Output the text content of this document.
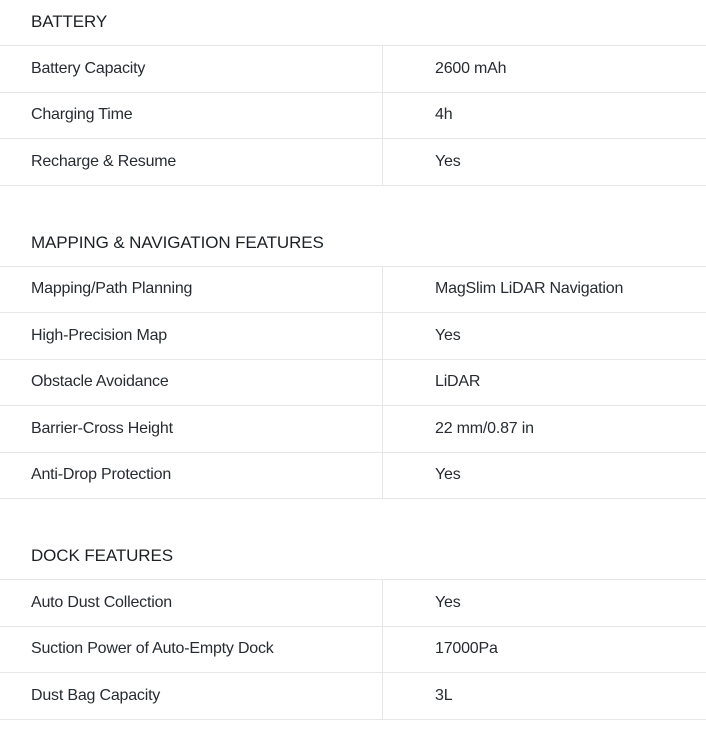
BATTERY
Battery Capacity	2600 mAh
Charging Time	4h
Recharge & Resume	Yes
MAPPING & NAVIGATION FEATURES
Mapping/Path Planning	MagSlim LiDAR Navigation
High-Precision Map	Yes
Obstacle Avoidance	LiDAR
Barrier-Cross Height	22 mm/0.87 in
Anti-Drop Protection	Yes
DOCK FEATURES
Auto Dust Collection	Yes
Suction Power of Auto-Empty Dock	17000Pa
Dust Bag Capacity	3L
